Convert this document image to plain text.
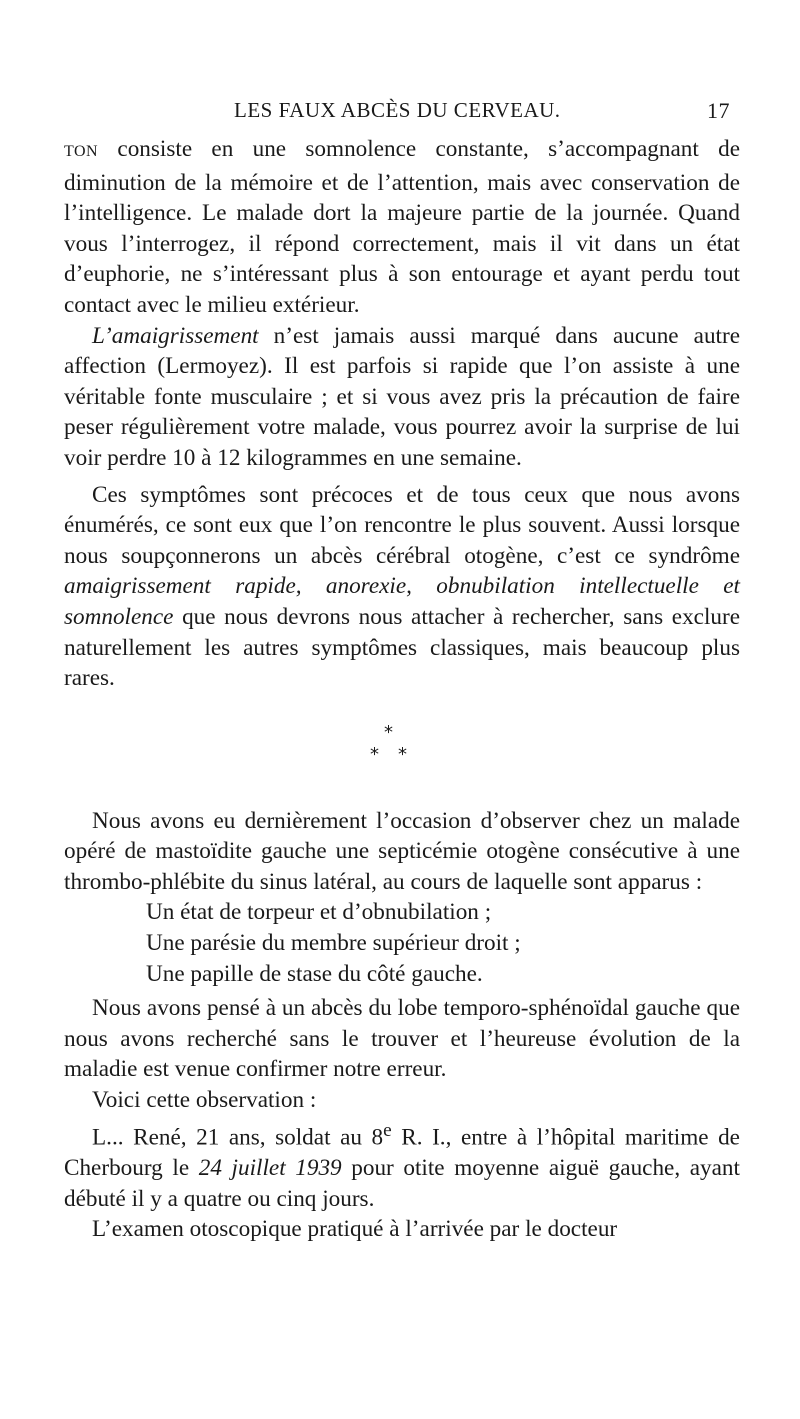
LES FAUX ABCÈS DU CERVEAU.	17

TON consiste en une somnolence constante, s’accompagnant de diminution de la mémoire et de l’attention, mais avec conservation de l’intelligence. Le malade dort la majeure partie de la journée. Quand vous l’interrogez, il répond correctement, mais il vit dans un état d’euphorie, ne s’intéressant plus à son entourage et ayant perdu tout contact avec le milieu extérieur.

L’amaigrissement n’est jamais aussi marqué dans aucune autre affection (Lermoyez). Il est parfois si rapide que l’on assiste à une véritable fonte musculaire ; et si vous avez pris la précaution de faire peser régulièrement votre malade, vous pourrez avoir la surprise de lui voir perdre 10 à 12 kilogrammes en une semaine.

Ces symptômes sont précoces et de tous ceux que nous avons énumérés, ce sont eux que l’on rencontre le plus souvent. Aussi lorsque nous soupçonnerons un abcès cérébral otogène, c’est ce syndrôme amaigrissement rapide, anorexie, obnubilation intellectuelle et somnolence que nous devrons nous attacher à rechercher, sans exclure naturellement les autres symptômes classiques, mais beaucoup plus rares.

*
* *

Nous avons eu dernièrement l’occasion d’observer chez un malade opéré de mastoïdite gauche une septicémie otogène consécutive à une thrombo-phlébite du sinus latéral, au cours de laquelle sont apparus :

Un état de torpeur et d’obnubilation ;

Une parésie du membre supérieur droit ;

Une papille de stase du côté gauche.

Nous avons pensé à un abcès du lobe temporo-sphénoïdal gauche que nous avons recherché sans le trouver et l’heureuse évolution de la maladie est venue confirmer notre erreur.

Voici cette observation :

L... René, 21 ans, soldat au 8e R. I., entre à l’hôpital maritime de Cherbourg le 24 juillet 1939 pour otite moyenne aiguë gauche, ayant débuté il y a quatre ou cinq jours.

L’examen otoscopique pratiqué à l’arrivée par le docteur
